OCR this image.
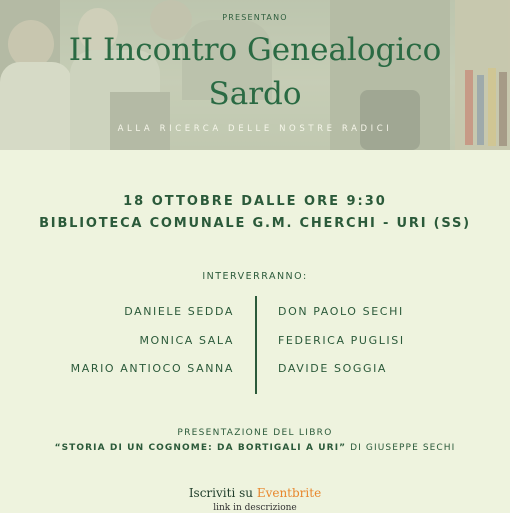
PRESENTANO
II Incontro Genealogico
Sardo
ALLA RICERCA DELLE NOSTRE RADICI
18 OTTOBRE DALLE ORE 9:30
BIBLIOTECA COMUNALE G.M. CHERCHI - URI (SS)
INTERVERRANNO:
DANIELE SEDDA
MONICA SALA
MARIO ANTIOCO SANNA
DON PAOLO SECHI
FEDERICA PUGLISI
DAVIDE SOGGIA
PRESENTAZIONE DEL LIBRO
“STORIA DI UN COGNOME: DA BORTIGALI A URI” DI GIUSEPPE SECHI
Iscriviti su Eventbrite
link in descrizione
